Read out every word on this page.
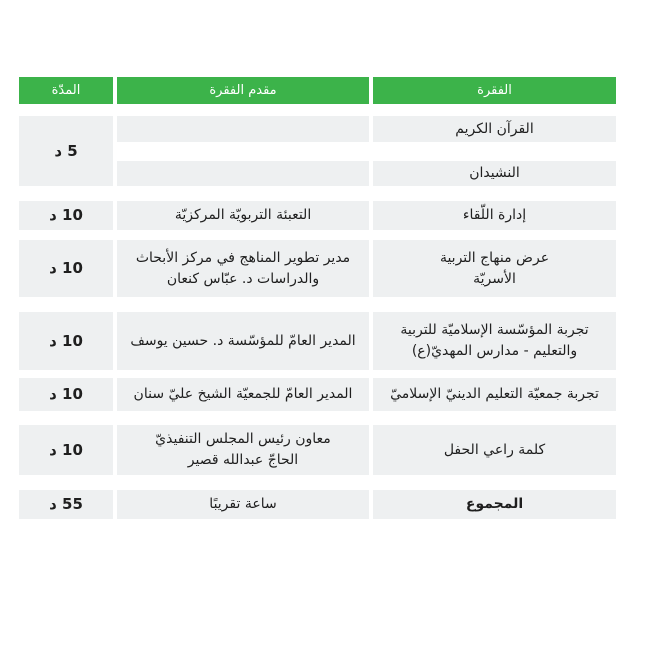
الفقرة
مقدم الفقرة
المدّة
القرآن الكريم
النشيدان
5 د
إدارة اللّقاء
التعبئة التربويّة المركزيّة
10 د
عرض منهاج التربية الأسريّة
مدير تطوير المناهج في مركز الأبحاث والدراسات د. عبّاس كنعان
10 د
تجربة المؤسّسة الإسلاميّة للتربية والتعليم - مدارس المهديّ(ع)
المدير العامّ للمؤسّسة د. حسين يوسف
10 د
تجربة جمعيّة التعليم الدينيّ الإسلاميّ
المدير العامّ للجمعيّة الشيخ عليّ سنان
10 د
كلمة راعي الحفل
معاون رئيس المجلس التنفيذيّ الحاجّ عبدالله قصير
10 د
المجموع
ساعة تقريبًا
55 د
